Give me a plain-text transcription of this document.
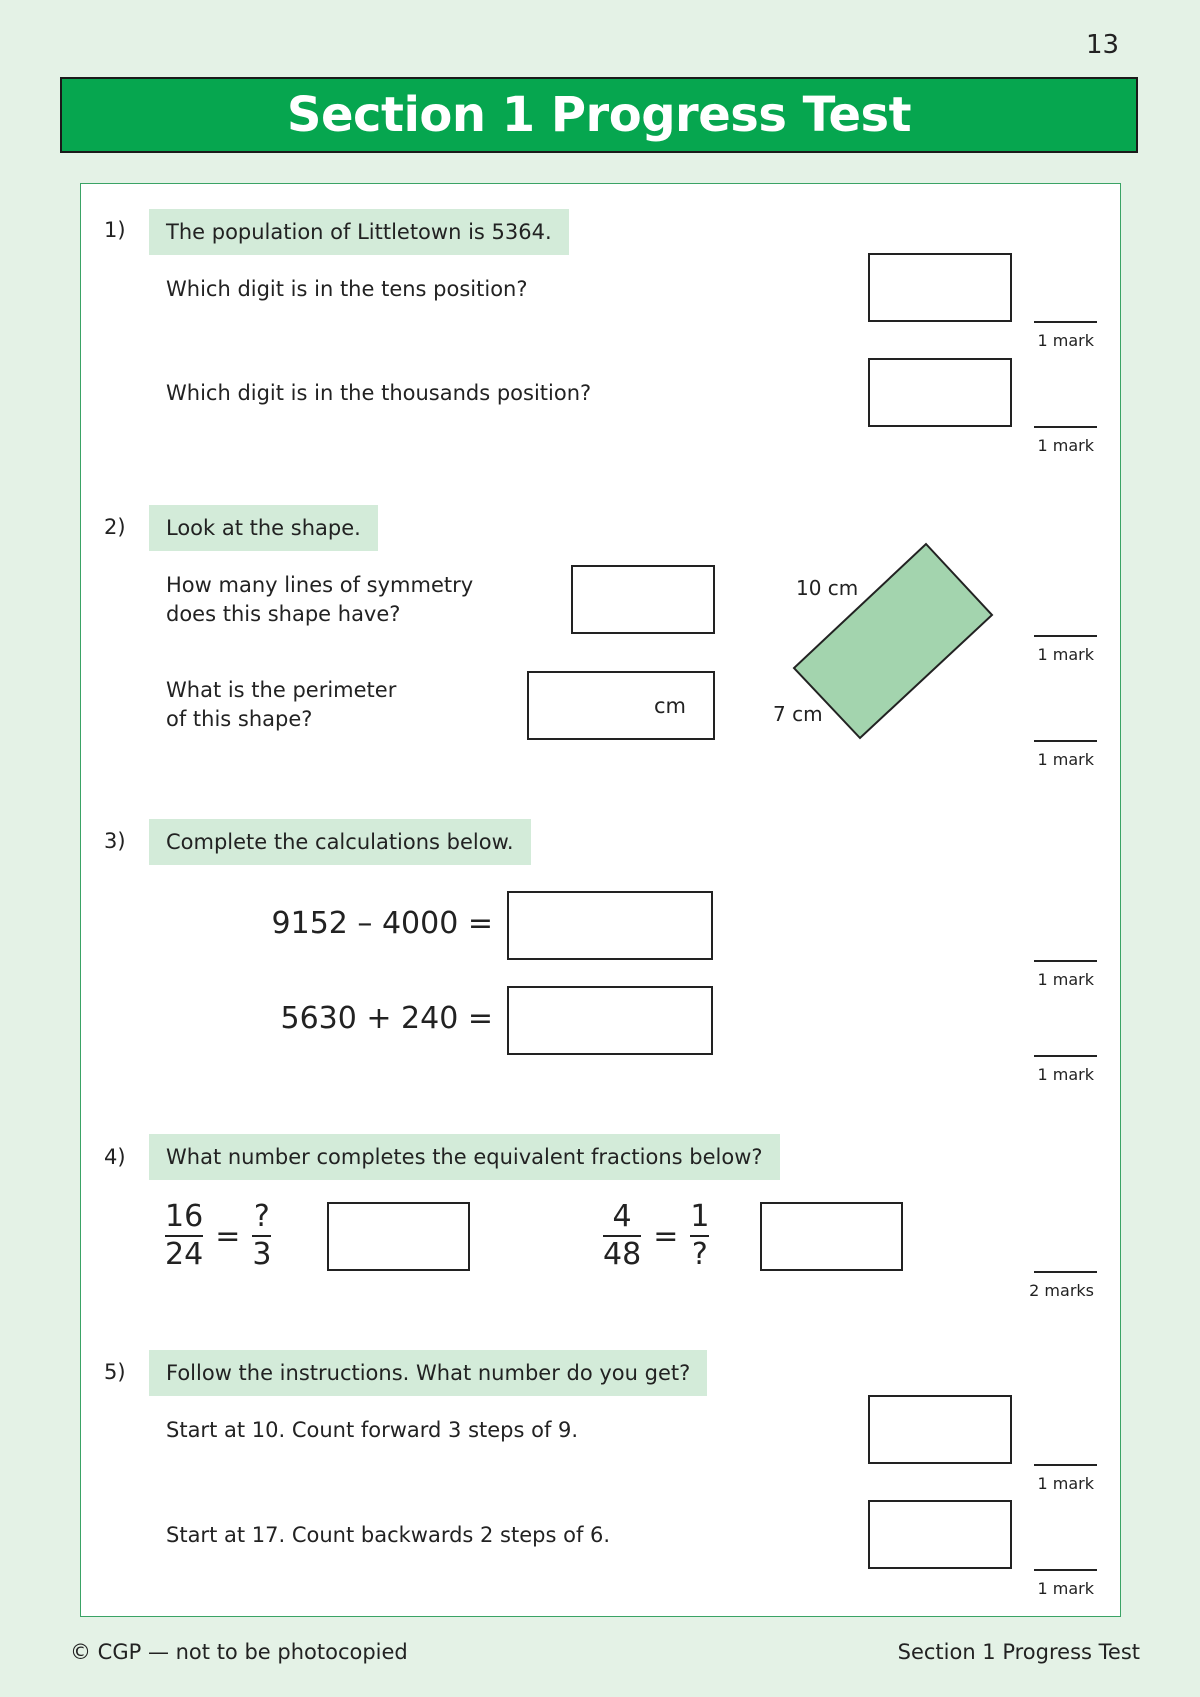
13
Section 1 Progress Test
1)	The population of Littletown is 5364.
Which digit is in the tens position?
1 mark
Which digit is in the thousands position?
1 mark
2)	Look at the shape.
How many lines of symmetry
does this shape have?
What is the perimeter
of this shape?
cm
10 cm
7 cm
1 mark
1 mark
3)	Complete the calculations below.
9152 – 4000 =
5630 + 240 =
1 mark
1 mark
4)	What number completes the equivalent fractions below?
16
24
=
?
3
4
48
=
1
?
2 marks
5)	Follow the instructions. What number do you get?
Start at 10. Count forward 3 steps of 9.
1 mark
Start at 17. Count backwards 2 steps of 6.
1 mark
© CGP — not to be photocopied	Section 1 Progress Test
